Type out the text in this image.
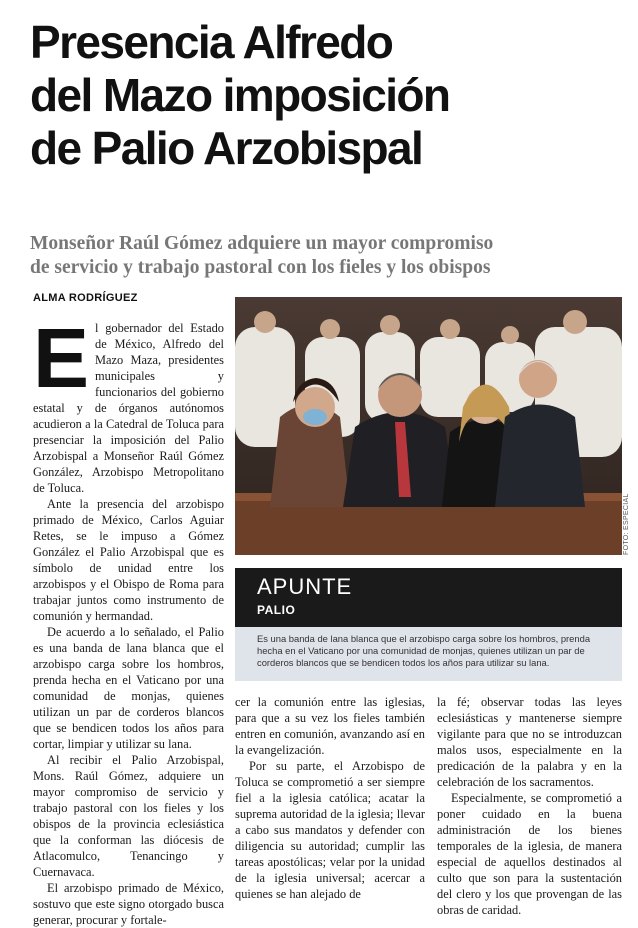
Presencia Alfredo
del Mazo imposición
de Palio Arzobispal
Monseñor Raúl Gómez adquiere un mayor compromiso
de servicio y trabajo pastoral con los fieles y los obispos
ALMA RODRÍGUEZ
E l gobernador del Estado de México, Alfredo del Mazo Maza, presidentes municipales y funcionarios del gobierno estatal y de órganos autónomos acudieron a la Catedral de Toluca para presenciar la imposición del Palio Arzobispal a Monseñor Raúl Gómez González, Arzobispo Metropolitano de Toluca.

Ante la presencia del arzobispo primado de México, Carlos Aguiar Retes, se le impuso a Gómez González el Palio Arzobispal que es símbolo de unidad entre los arzobispos y el Obispo de Roma para trabajar juntos como instrumento de comunión y hermandad.

De acuerdo a lo señalado, el Palio es una banda de lana blanca que el arzobispo carga sobre los hombros, prenda hecha en el Vaticano por una comunidad de monjas, quienes utilizan un par de corderos blancos que se bendicen todos los años para cortar, limpiar y utilizar su lana.

Al recibir el Palio Arzobispal, Mons. Raúl Gómez, adquiere un mayor compromiso de servicio y trabajo pastoral con los fieles y los obispos de la provincia eclesiástica que la conforman las diócesis de Atlacomulco, Tenancingo y Cuernavaca.

El arzobispo primado de México, sostuvo que este signo otorgado busca generar, procurar y fortale-

FOTO: ESPECIAL
APUNTE
PALIO
Es una banda de lana blanca que el arzobispo carga sobre los hombros, prenda hecha en el Vaticano por una comunidad de monjas, quienes utilizan un par de corderos blancos que se bendicen todos los años para utilizar su lana.

cer la comunión entre las iglesias, para que a su vez los fieles también entren en comunión, avanzando así en la evangelización.

Por su parte, el Arzobispo de Toluca se comprometió a ser siempre fiel a la iglesia católica; acatar la suprema autoridad de la iglesia; llevar a cabo sus mandatos y defender con diligencia su autoridad; cumplir las tareas apostólicas; velar por la unidad de la iglesia universal; acercar a quienes se han alejado de

la fé; observar todas las leyes eclesiásticas y mantenerse siempre vigilante para que no se introduzcan malos usos, especialmente en la predicación de la palabra y en la celebración de los sacramentos.

Especialmente, se comprometió a poner cuidado en la buena administración de los bienes temporales de la iglesia, de manera especial de aquellos destinados al culto que son para la sustentación del clero y los que provengan de las obras de caridad.
